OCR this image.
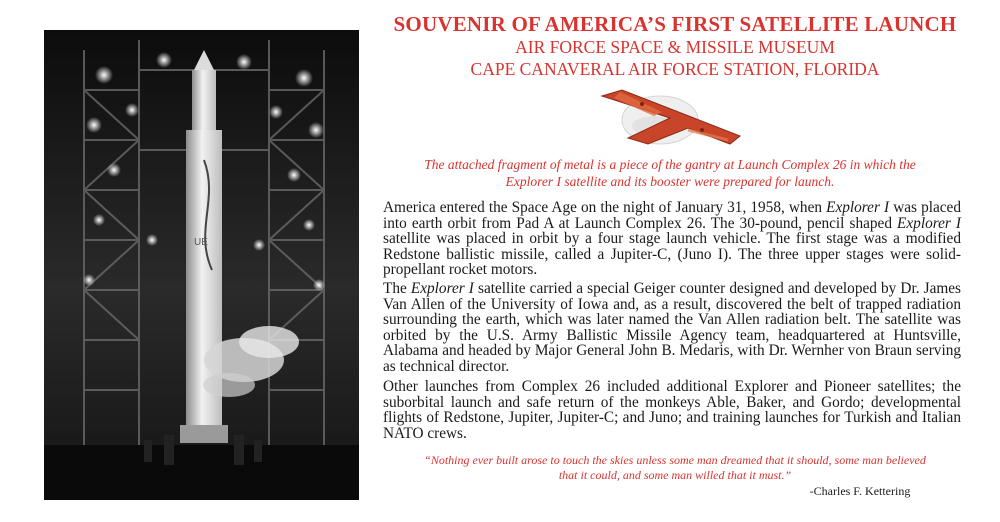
UE

SOUVENIR OF AMERICA’S FIRST SATELLITE LAUNCH

AIR FORCE SPACE & MISSILE MUSEUM

CAPE CANAVERAL AIR FORCE STATION, FLORIDA

The attached fragment of metal is a piece of the gantry at Launch Complex 26 in which the Explorer I satellite and its booster were prepared for launch.

America entered the Space Age on the night of January 31, 1958, when Explorer I was placed into earth orbit from Pad A at Launch Complex 26. The 30-pound, pencil shaped Explorer I satellite was placed in orbit by a four stage launch vehicle. The first stage was a modified Redstone ballistic missile, called a Jupiter-C, (Juno I). The three upper stages were solid-propellant rocket motors.

The Explorer I satellite carried a special Geiger counter designed and developed by Dr. James Van Allen of the University of Iowa and, as a result, discovered the belt of trapped radiation surrounding the earth, which was later named the Van Allen radiation belt. The satellite was orbited by the U.S. Army Ballistic Missile Agency team, headquartered at Huntsville, Alabama and headed by Major General John B. Medaris, with Dr. Wernher von Braun serving as technical director.

Other launches from Complex 26 included additional Explorer and Pioneer satellites; the suborbital launch and safe return of the monkeys Able, Baker, and Gordo; developmental flights of Redstone, Jupiter, Jupiter-C; and Juno; and training launches for Turkish and Italian NATO crews.

“Nothing ever built arose to touch the skies unless some man dreamed that it should, some man believed that it could, and some man willed that it must.”

-Charles F. Kettering
